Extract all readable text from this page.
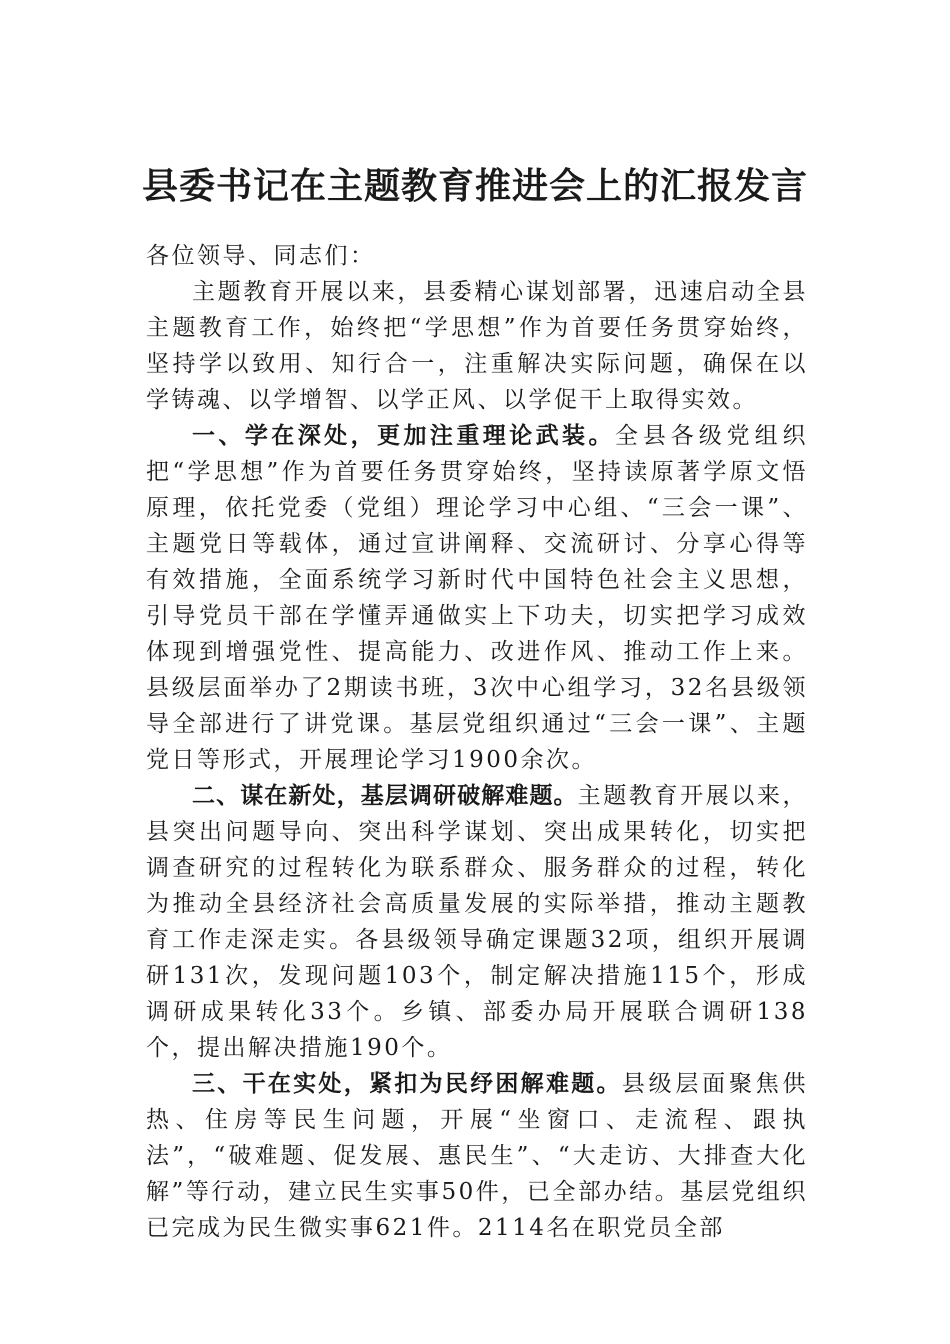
县委书记在主题教育推进会上的汇报发言

各位领导、同志们：

主题教育开展以来，县委精心谋划部署，迅速启动全县主题教育工作，始终把“学思想”作为首要任务贯穿始终，坚持学以致用、知行合一，注重解决实际问题，确保在以学铸魂、以学增智、以学正风、以学促干上取得实效。

一、学在深处，更加注重理论武装。全县各级党组织把“学思想”作为首要任务贯穿始终，坚持读原著学原文悟原理，依托党委（党组）理论学习中心组、“三会一课”、主题党日等载体，通过宣讲阐释、交流研讨、分享心得等有效措施，全面系统学习新时代中国特色社会主义思想，引导党员干部在学懂弄通做实上下功夫，切实把学习成效体现到增强党性、提高能力、改进作风、推动工作上来。县级层面举办了2期读书班，3次中心组学习，32名县级领导全部进行了讲党课。基层党组织通过“三会一课”、主题党日等形式，开展理论学习1900余次。

二、谋在新处，基层调研破解难题。主题教育开展以来，县突出问题导向、突出科学谋划、突出成果转化，切实把调查研究的过程转化为联系群众、服务群众的过程，转化为推动全县经济社会高质量发展的实际举措，推动主题教育工作走深走实。各县级领导确定课题32项，组织开展调研131次，发现问题103个，制定解决措施115个，形成调研成果转化33个。乡镇、部委办局开展联合调研138个，提出解决措施190个。

三、干在实处，紧扣为民纾困解难题。县级层面聚焦供热、住房等民生问题，开展“坐窗口、走流程、跟执法”，“破难题、促发展、惠民生”、“大走访、大排查大化解”等行动，建立民生实事50件，已全部办结。基层党组织已完成为民生微实事621件。2114名在职党员全部
